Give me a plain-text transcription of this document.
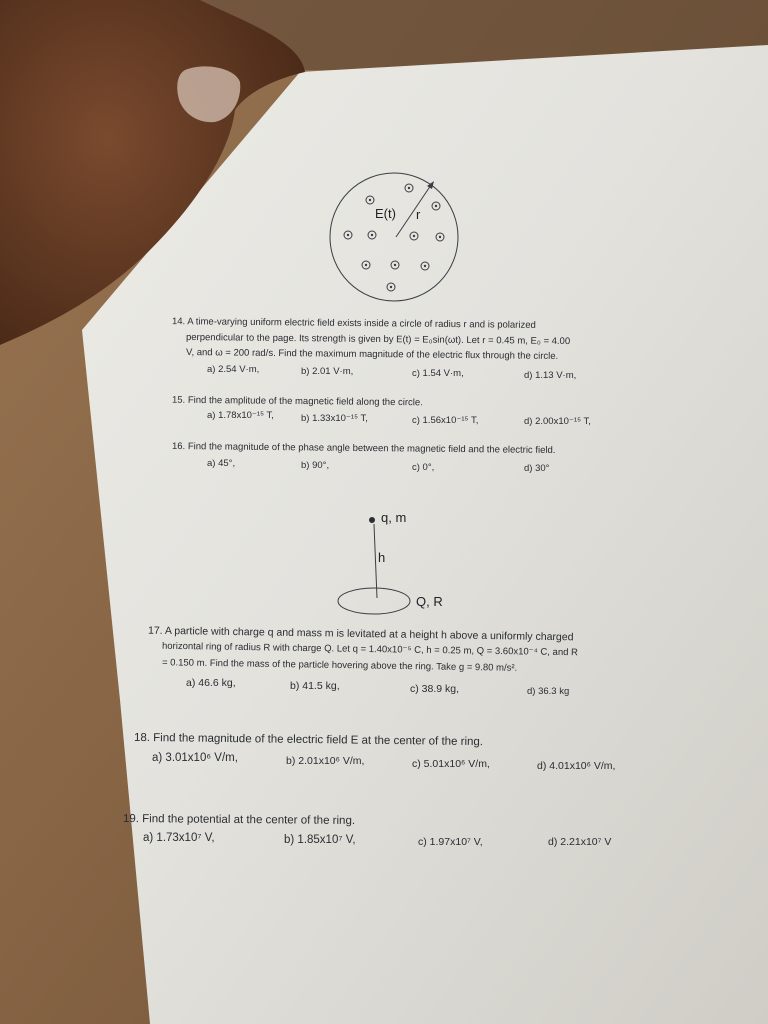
E(t) r
14. A time-varying uniform electric field exists inside a circle of radius r and is polarized
perpendicular to the page. Its strength is given by E(t) = E₀sin(ωt). Let r = 0.45 m, E₀ = 4.00
V, and ω = 200 rad/s. Find the maximum magnitude of the electric flux through the circle.
a) 2.54 V·m,	b) 2.01 V·m,	c) 1.54 V·m,	d) 1.13 V·m,
15. Find the amplitude of the magnetic field along the circle.
a) 1.78x10⁻¹⁵ T,	b) 1.33x10⁻¹⁵ T,	c) 1.56x10⁻¹⁵ T,	d) 2.00x10⁻¹⁵ T,
16. Find the magnitude of the phase angle between the magnetic field and the electric field.
a) 45°,	b) 90°,	c) 0°,	d) 30°
q, m
h
Q, R
17. A particle with charge q and mass m is levitated at a height h above a uniformly charged
horizontal ring of radius R with charge Q. Let q = 1.40x10⁻⁵ C, h = 0.25 m, Q = 3.60x10⁻⁴ C, and R
= 0.150 m. Find the mass of the particle hovering above the ring. Take g = 9.80 m/s².
a) 46.6 kg,	b) 41.5 kg,	c) 38.9 kg,	d) 36.3 kg
18. Find the magnitude of the electric field E at the center of the ring.
a) 3.01x10⁶ V/m,	b) 2.01x10⁶ V/m,	c) 5.01x10⁶ V/m,	d) 4.01x10⁶ V/m,
19. Find the potential at the center of the ring.
a) 1.73x10⁷ V,	b) 1.85x10⁷ V,	c) 1.97x10⁷ V,	d) 2.21x10⁷ V
